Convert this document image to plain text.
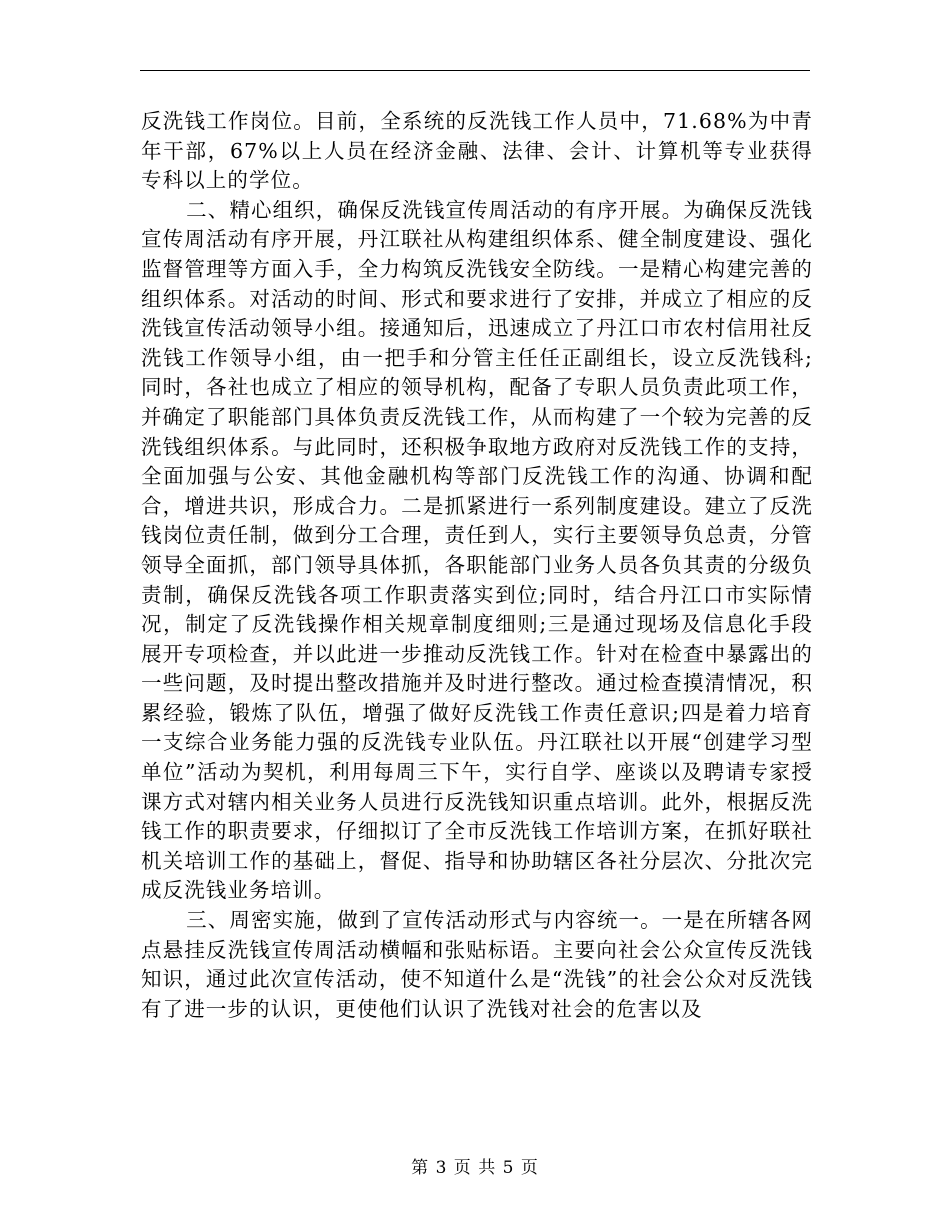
反洗钱工作岗位。目前，全系统的反洗钱工作人员中，71.68%为中青年干部，67%以上人员在经济金融、法律、会计、计算机等专业获得专科以上的学位。

二、精心组织，确保反洗钱宣传周活动的有序开展。为确保反洗钱宣传周活动有序开展，丹江联社从构建组织体系、健全制度建设、强化监督管理等方面入手，全力构筑反洗钱安全防线。一是精心构建完善的组织体系。对活动的时间、形式和要求进行了安排，并成立了相应的反洗钱宣传活动领导小组。接通知后，迅速成立了丹江口市农村信用社反洗钱工作领导小组，由一把手和分管主任任正副组长，设立反洗钱科;同时，各社也成立了相应的领导机构，配备了专职人员负责此项工作，并确定了职能部门具体负责反洗钱工作，从而构建了一个较为完善的反洗钱组织体系。与此同时，还积极争取地方政府对反洗钱工作的支持，全面加强与公安、其他金融机构等部门反洗钱工作的沟通、协调和配合，增进共识，形成合力。二是抓紧进行一系列制度建设。建立了反洗钱岗位责任制，做到分工合理，责任到人，实行主要领导负总责，分管领导全面抓，部门领导具体抓，各职能部门业务人员各负其责的分级负责制，确保反洗钱各项工作职责落实到位;同时，结合丹江口市实际情况，制定了反洗钱操作相关规章制度细则;三是通过现场及信息化手段展开专项检查，并以此进一步推动反洗钱工作。针对在检查中暴露出的一些问题，及时提出整改措施并及时进行整改。通过检查摸清情况，积累经验，锻炼了队伍，增强了做好反洗钱工作责任意识;四是着力培育一支综合业务能力强的反洗钱专业队伍。丹江联社以开展“创建学习型单位”活动为契机，利用每周三下午，实行自学、座谈以及聘请专家授课方式对辖内相关业务人员进行反洗钱知识重点培训。此外，根据反洗钱工作的职责要求，仔细拟订了全市反洗钱工作培训方案，在抓好联社机关培训工作的基础上，督促、指导和协助辖区各社分层次、分批次完成反洗钱业务培训。

三、周密实施，做到了宣传活动形式与内容统一。一是在所辖各网点悬挂反洗钱宣传周活动横幅和张贴标语。主要向社会公众宣传反洗钱知识，通过此次宣传活动，使不知道什么是“洗钱”的社会公众对反洗钱有了进一步的认识，更使他们认识了洗钱对社会的危害以及

第 3 页 共 5 页
